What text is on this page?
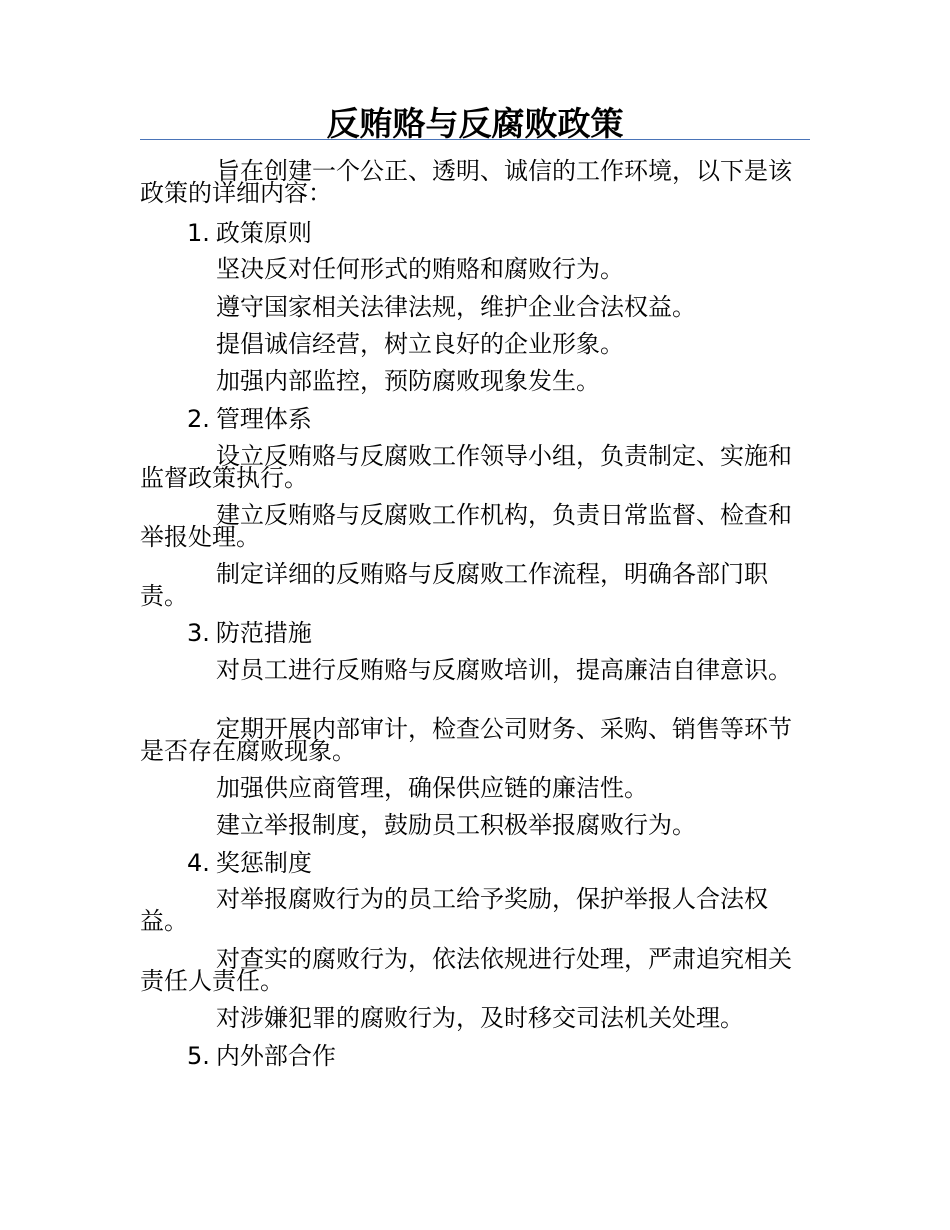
反贿赂与反腐败政策

旨在创建一个公正、透明、诚信的工作环境，以下是该政策的详细内容：

1. 政策原则

坚决反对任何形式的贿赂和腐败行为。

遵守国家相关法律法规，维护企业合法权益。

提倡诚信经营，树立良好的企业形象。

加强内部监控，预防腐败现象发生。

2. 管理体系

设立反贿赂与反腐败工作领导小组，负责制定、实施和监督政策执行。

建立反贿赂与反腐败工作机构，负责日常监督、检查和举报处理。

制定详细的反贿赂与反腐败工作流程，明确各部门职责。

3. 防范措施

对员工进行反贿赂与反腐败培训，提高廉洁自律意识。

定期开展内部审计，检查公司财务、采购、销售等环节是否存在腐败现象。

加强供应商管理，确保供应链的廉洁性。

建立举报制度，鼓励员工积极举报腐败行为。

4. 奖惩制度

对举报腐败行为的员工给予奖励，保护举报人合法权益。

对查实的腐败行为，依法依规进行处理，严肃追究相关责任人责任。

对涉嫌犯罪的腐败行为，及时移交司法机关处理。

5. 内外部合作
